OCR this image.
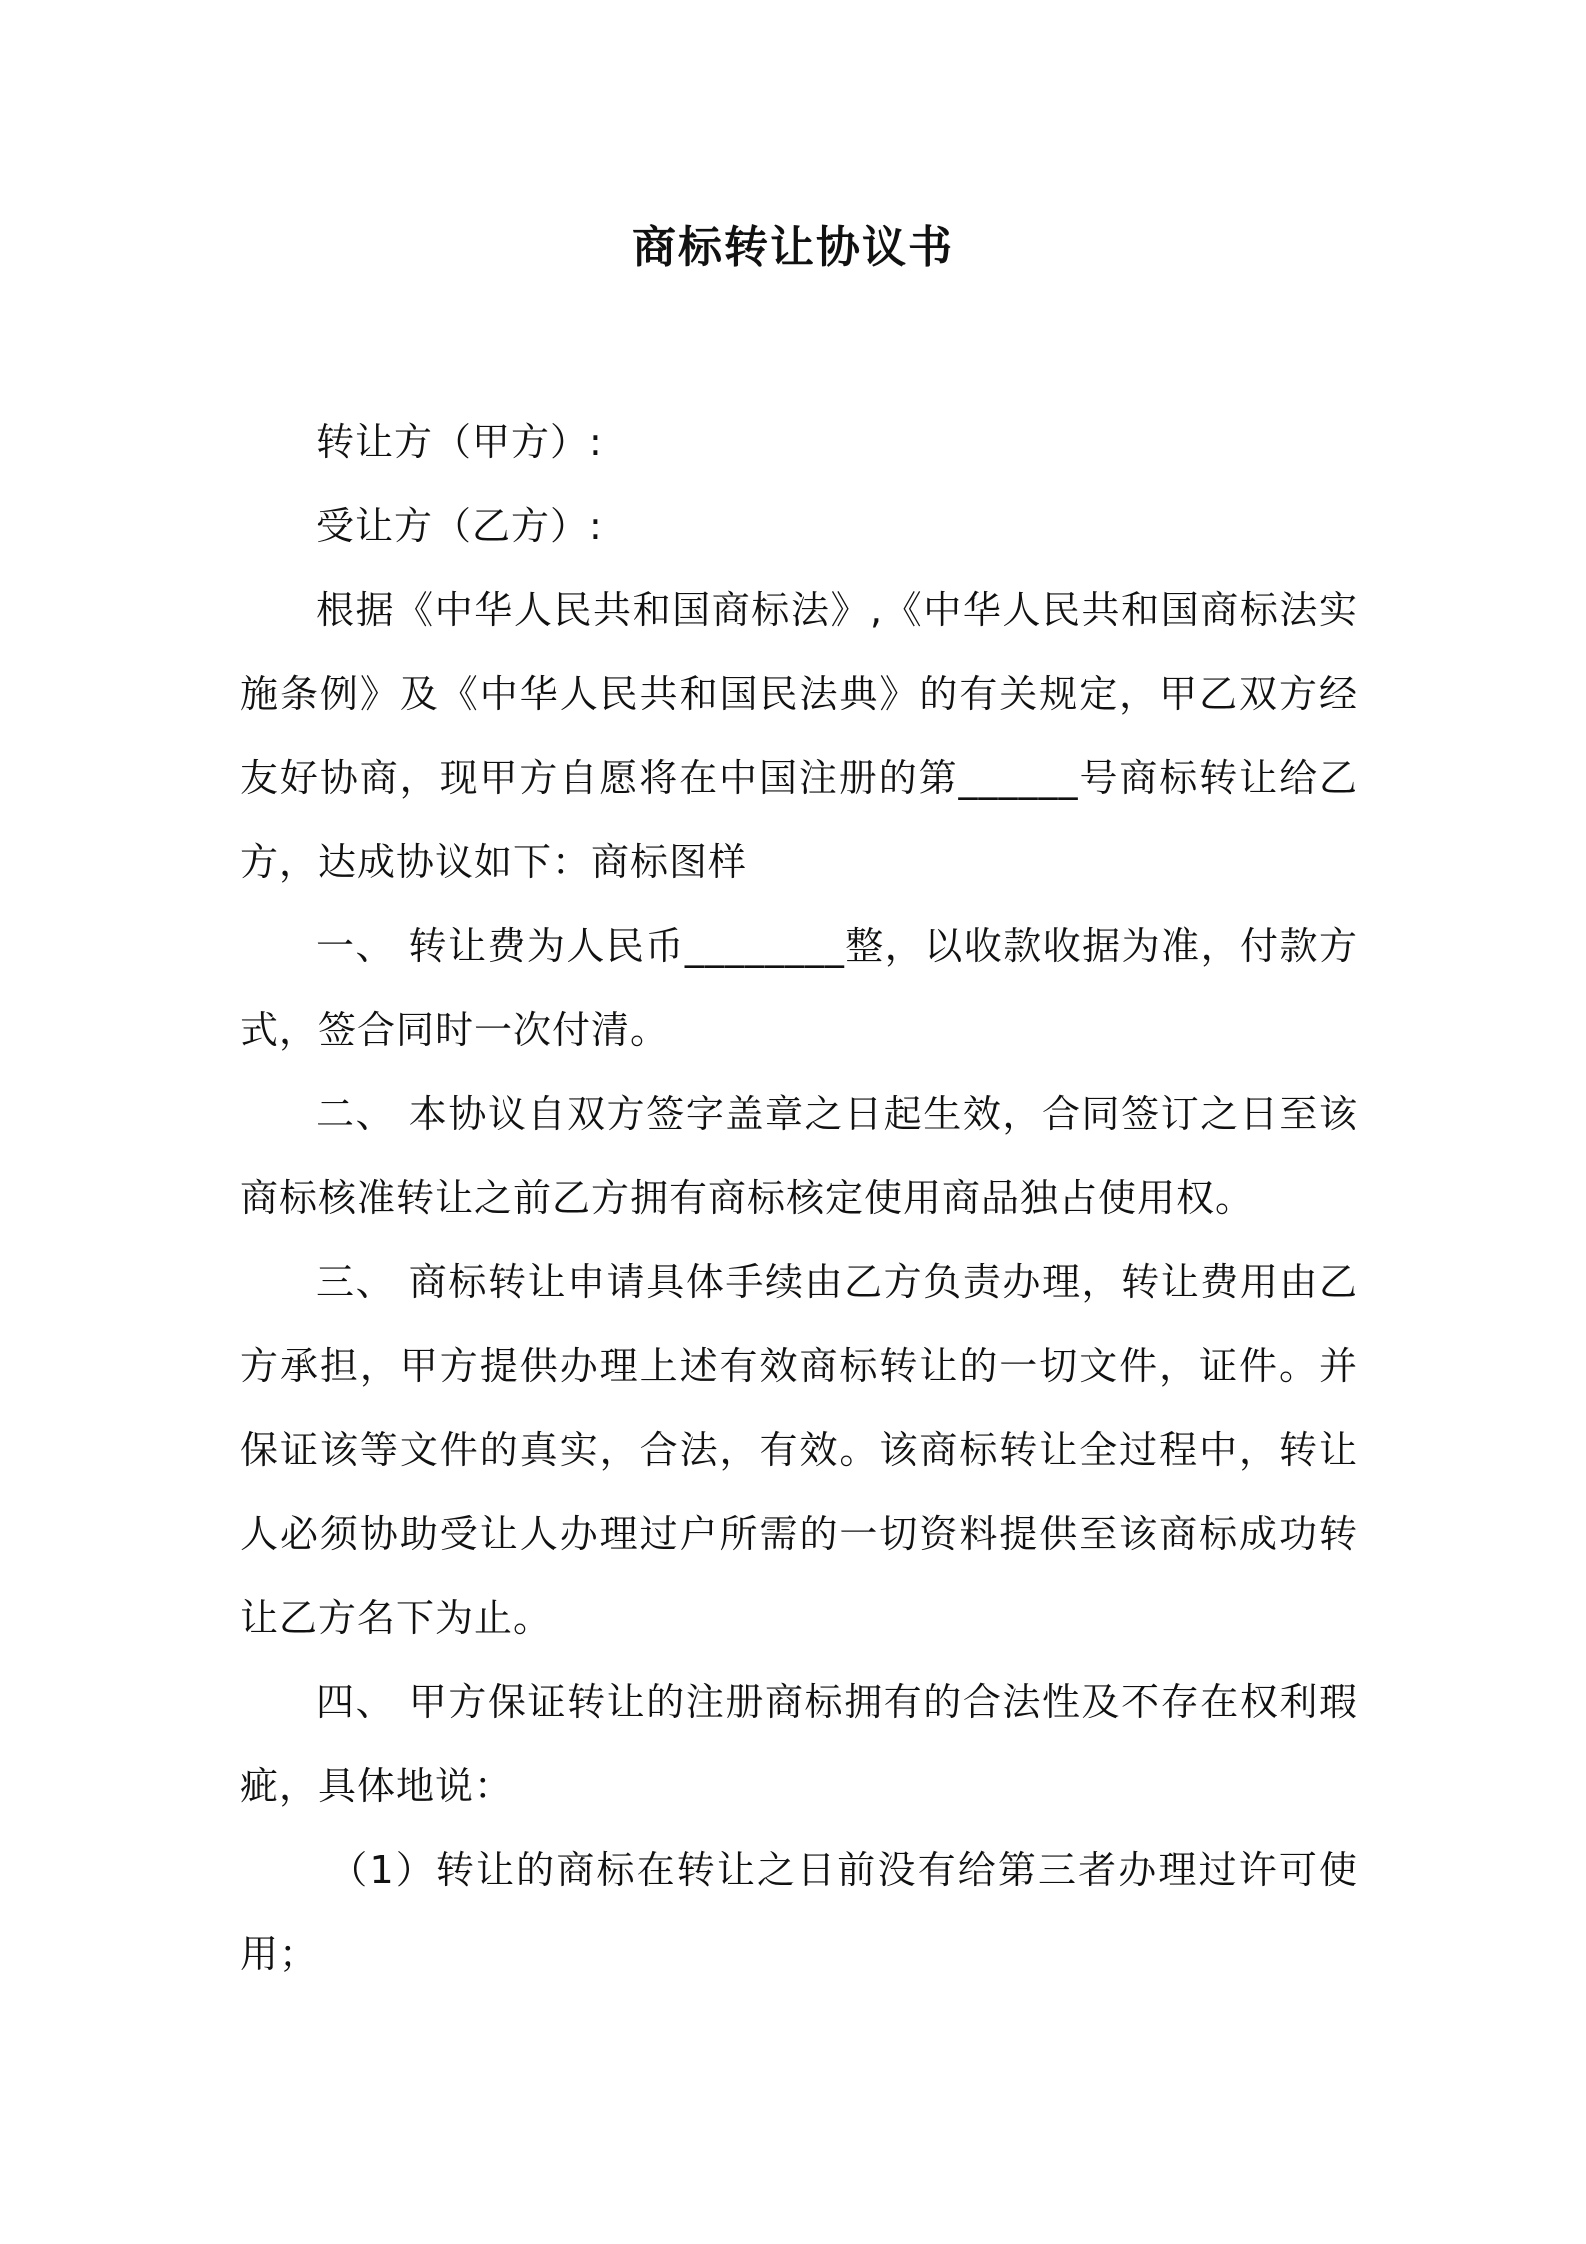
商标转让协议书

转让方（甲方）:

受让方（乙方）:

根据《中华人民共和国商标法》,《中华人民共和国商标法实施条例》及《中华人民共和国民法典》的有关规定，甲乙双方经友好协商，现甲方自愿将在中国注册的第______号商标转让给乙方，达成协议如下：商标图样

一、 转让费为人民币________整，以收款收据为准，付款方式，签合同时一次付清。

二、 本协议自双方签字盖章之日起生效，合同签订之日至该商标核准转让之前乙方拥有商标核定使用商品独占使用权。

三、 商标转让申请具体手续由乙方负责办理，转让费用由乙方承担，甲方提供办理上述有效商标转让的一切文件，证件。并保证该等文件的真实，合法，有效。该商标转让全过程中，转让人必须协助受让人办理过户所需的一切资料提供至该商标成功转让乙方名下为止。

四、 甲方保证转让的注册商标拥有的合法性及不存在权利瑕疵，具体地说：

（1）转让的商标在转让之日前没有给第三者办理过许可使用；
